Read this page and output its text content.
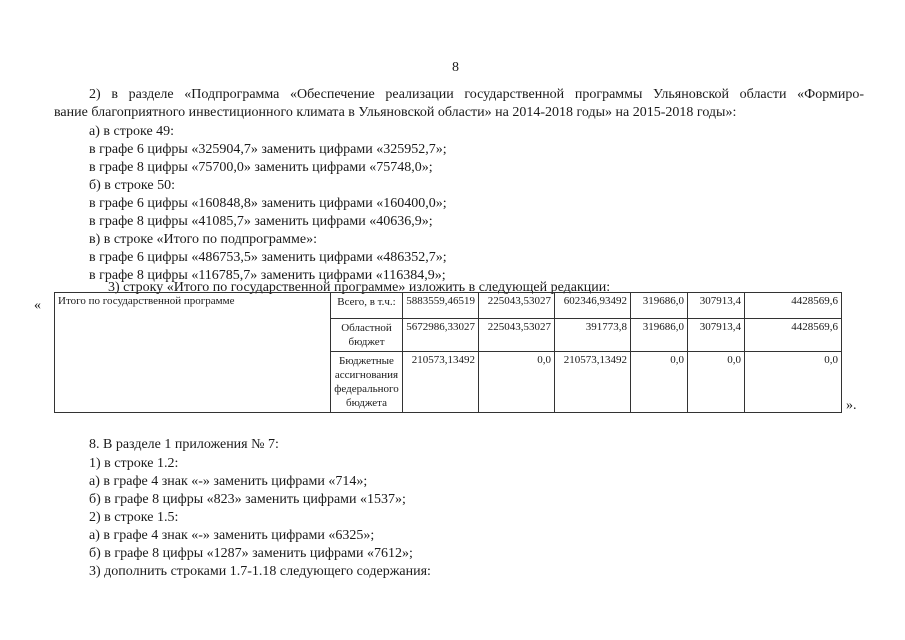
8
2) в разделе «Подпрограмма «Обеспечение реализации государственной программы Ульяновской области «Формиро-
вание благоприятного инвестиционного климата в Ульяновской области» на 2014-2018 годы» на 2015-2018 годы»:
а) в строке 49:
в графе 6 цифры «325904,7» заменить цифрами «325952,7»;
в графе 8 цифры «75700,0» заменить цифрами «75748,0»;
б) в строке 50:
в графе 6 цифры «160848,8» заменить цифрами «160400,0»;
в графе 8 цифры «41085,7» заменить цифрами «40636,9»;
в) в строке «Итого по подпрограмме»:
в графе 6 цифры «486753,5» заменить цифрами «486352,7»;
в графе 8 цифры «116785,7» заменить цифрами «116384,9»;
3) строку «Итого по государственной программе» изложить в следующей редакции:
« Итого по государственной программе	Всего, в т.ч.:	5883559,46519	225043,53027	602346,93492	319686,0	307913,4	4428569,6
	Областной бюджет	5672986,33027	225043,53027	391773,8	319686,0	307913,4	4428569,6
	Бюджетные ассигнования федерального бюджета	210573,13492	0,0	210573,13492	0,0	0,0	0,0
».
8. В разделе 1 приложения № 7:
1) в строке 1.2:
а) в графе 4 знак «-» заменить цифрами «714»;
б) в графе 8 цифры «823» заменить цифрами «1537»;
2) в строке 1.5:
а) в графе 4 знак «-» заменить цифрами «6325»;
б) в графе 8 цифры «1287» заменить цифрами «7612»;
3) дополнить строками 1.7-1.18 следующего содержания:
